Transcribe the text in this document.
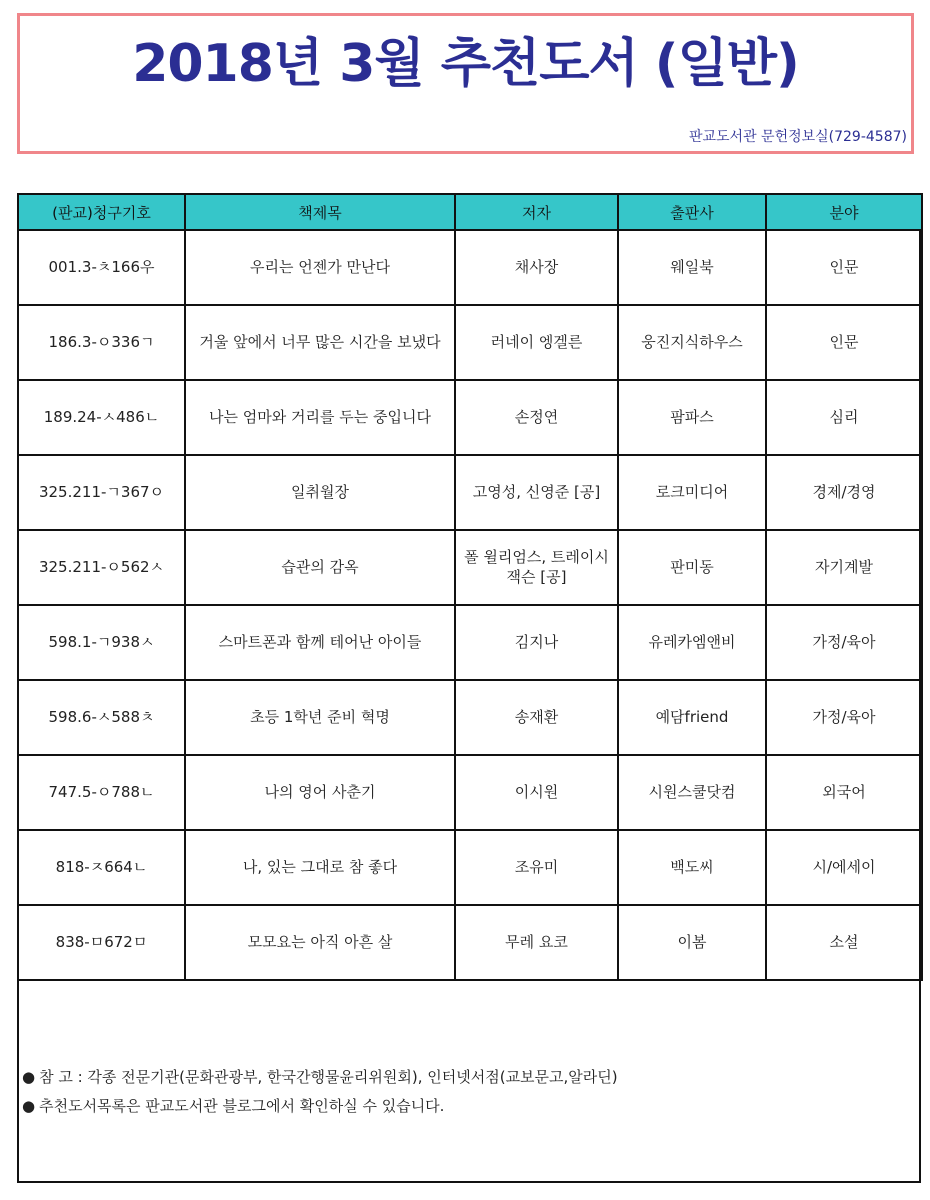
2018년 3월 추천도서 (일반)
판교도서관 문헌정보실(729-4587)
(판교)청구기호	책제목	저자	출판사	분야
001.3-ㅊ166우	우리는 언젠가 만난다	채사장	웨일북	인문
186.3-ㅇ336ㄱ	거울 앞에서 너무 많은 시간을 보냈다	러네이 엥겔른	웅진지식하우스	인문
189.24-ㅅ486ㄴ	나는 엄마와 거리를 두는 중입니다	손정연	팜파스	심리
325.211-ㄱ367ㅇ	일취월장	고영성, 신영준 [공]	로크미디어	경제/경영
325.211-ㅇ562ㅅ	습관의 감옥	폴 윌리엄스, 트레이시 잭슨 [공]	판미동	자기계발
598.1-ㄱ938ㅅ	스마트폰과 함께 테어난 아이들	김지나	유레카엠앤비	가정/육아
598.6-ㅅ588ㅊ	초등 1학년 준비 혁명	송재환	예담friend	가정/육아
747.5-ㅇ788ㄴ	나의 영어 사춘기	이시원	시원스쿨닷컴	외국어
818-ㅈ664ㄴ	나, 있는 그대로 참 좋다	조유미	백도씨	시/에세이
838-ㅁ672ㅁ	모모요는 아직 아흔 살	무레 요코	이봄	소설
● 참 고 : 각종 전문기관(문화관광부, 한국간행물윤리위원회), 인터넷서점(교보문고,알라딘)
● 추천도서목록은 판교도서관 블로그에서 확인하실 수 있습니다.
